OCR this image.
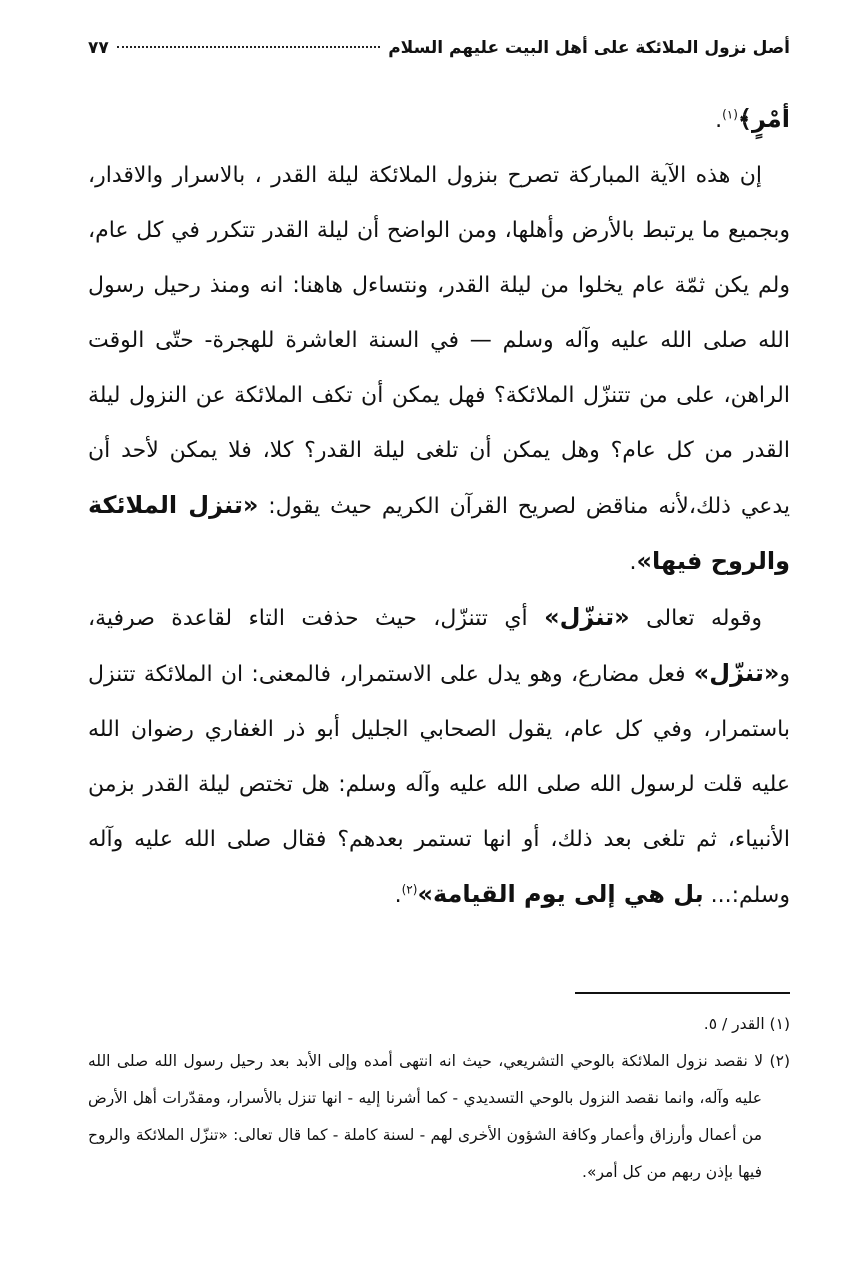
أصل نزول الملائكة على أهل البيت عليهم السلام
٧٧

أمْرٍ﴾$^{(١)}$.

إن هذه الآية المباركة تصرح بنزول الملائكة ليلة القدر ، بالاسرار والاقدار، وبجميع ما يرتبط بالأرض وأهلها، ومن الواضح أن ليلة القدر تتكرر في كل عام، ولم يكن ثمّة عام يخلوا من ليلة القدر، ونتساءل هاهنا: انه ومنذ رحيل رسول الله صلى الله عليه وآله وسلم — في السنة العاشرة للهجرة- حتّى الوقت الراهن، على من تتنزّل الملائكة؟ فهل يمكن أن تكف الملائكة عن النزول ليلة القدر من كل عام؟ وهل يمكن أن تلغى ليلة القدر؟ كلا، فلا يمكن لأحد أن يدعي ذلك،لأنه مناقض لصريح القرآن الكريم حيث يقول: «تنزل الملائكة والروح فيها».

وقوله تعالى «تنزّل» أي تتنزّل، حيث حذفت التاء لقاعدة صرفية، و«تنزّل» فعل مضارع، وهو يدل على الاستمرار، فالمعنى: ان الملائكة تتنزل باستمرار، وفي كل عام، يقول الصحابي الجليل أبو ذر الغفاري رضوان الله عليه قلت لرسول الله صلى الله عليه وآله وسلم: هل تختص ليلة القدر بزمن الأنبياء، ثم تلغى بعد ذلك، أو انها تستمر بعدهم؟ فقال صلى الله عليه وآله وسلم:... بل هي إلى يوم القيامة»$^{(٢)}$.

(١) القدر / ٥.

(٢) لا نقصد نزول الملائكة بالوحي التشريعي، حيث انه انتهى أمده وإلى الأبد بعد رحيل رسول الله صلى الله عليه وآله، وانما نقصد النزول بالوحي التسديدي - كما أشرنا إليه - انها تنزل بالأسرار، ومقدّرات أهل الأرض من أعمال وأرزاق وأعمار وكافة الشؤون الأخرى لهم - لسنة كاملة - كما قال تعالى: «تنزّل الملائكة والروح فيها بإذن ربهم من كل أمر».
